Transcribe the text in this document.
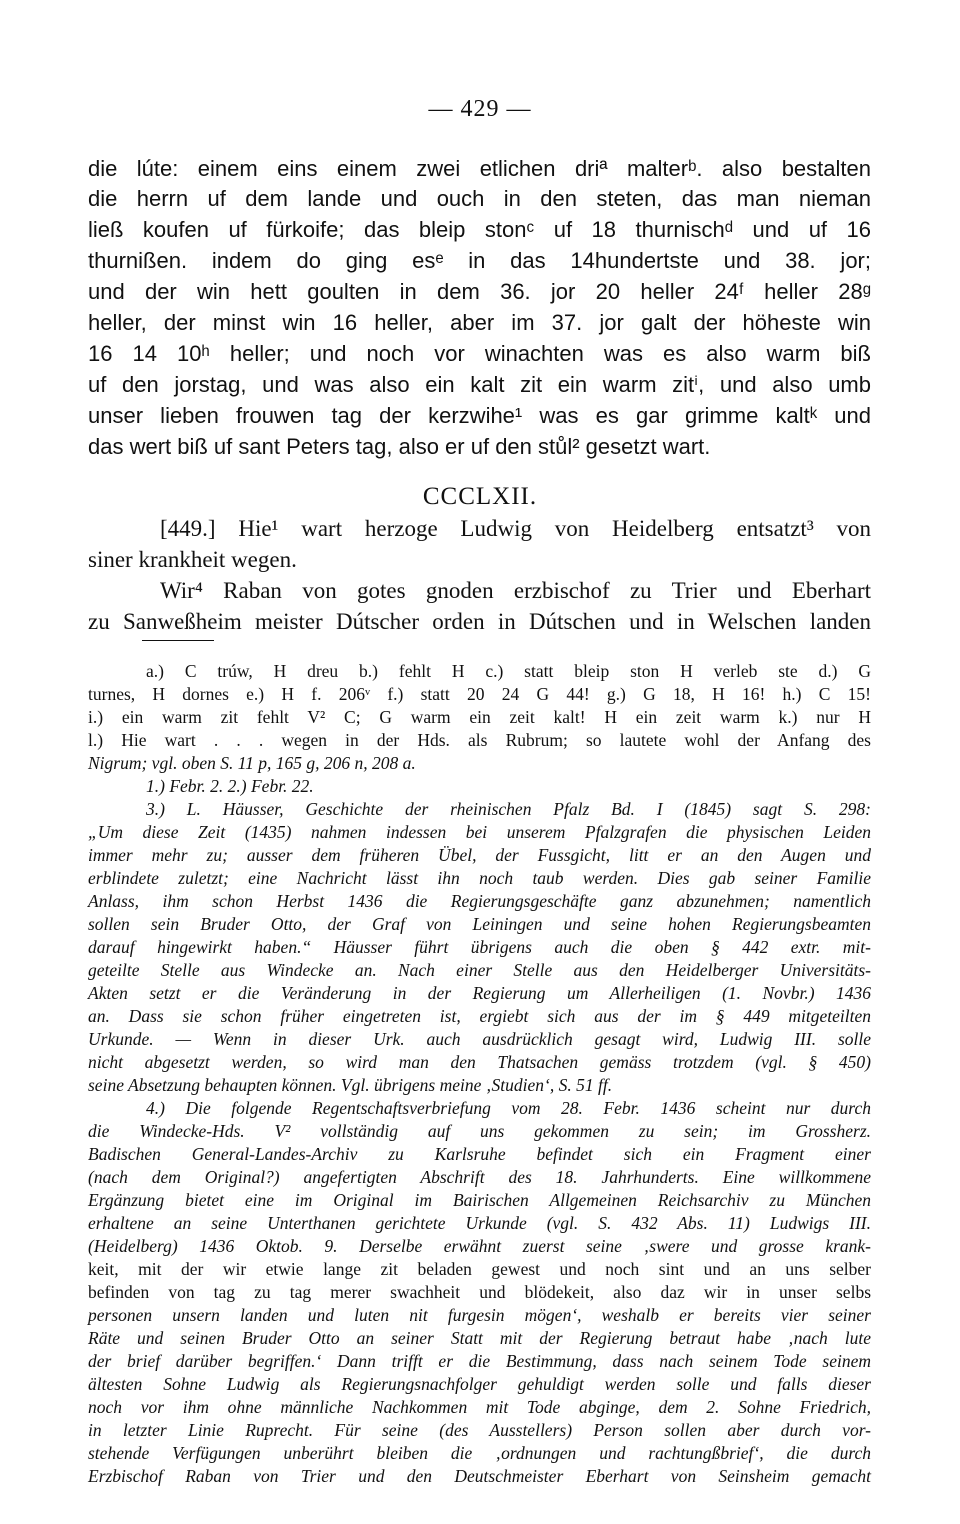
— 429 —
die lúte: einem eins einem zwei etlichen driª malterᵇ. also bestalten
die herrn uf dem lande und ouch in den steten, das man nieman
ließ koufen uf fürkoife; das bleip stonᶜ uf 18 thurnischᵈ und uf 16
thurnißen. indem do ging esᵉ in das 14hundertste und 38. jor;
und der win hett goulten in dem 36. jor 20 heller 24ᶠ heller 28ᵍ
heller, der minst win 16 heller, aber im 37. jor galt der höheste win
16 14 10ʰ heller; und noch vor winachten was es also warm biß
uf den jorstag, und was also ein kalt zit ein warm zitⁱ, und also umb
unser lieben frouwen tag der kerzwihe¹ was es gar grimme kaltᵏ und
das wert biß uf sant Peters tag, also er uf den stůl² gesetzt wart.
CCCLXII.
[449.] Hie¹ wart herzoge Ludwig von Heidelberg entsatzt³ von
siner krankheit wegen.
Wir⁴ Raban von gotes gnoden erzbischof zu Trier und Eberhart
zu Sanweßheim meister Dútscher orden in Dútschen und in Welschen landen
a.) C trúw, H dreu b.) fehlt H c.) statt bleip ston H verleb ste d.) G
turnes, H dornes e.) H f. 206ᵛ f.) statt 20 24 G 44! g.) G 18, H 16! h.) C 15!
i.) ein warm zit fehlt V² C; G warm ein zeit kalt! H ein zeit warm k.) nur H
l.) Hie wart . . . wegen in der Hds. als Rubrum; so lautete wohl der Anfang des
Nigrum; vgl. oben S. 11 p, 165 g, 206 n, 208 a.
1.) Febr. 2. 2.) Febr. 22.
3.) L. Häusser, Geschichte der rheinischen Pfalz Bd. I (1845) sagt S. 298:
„Um diese Zeit (1435) nahmen indessen bei unserem Pfalzgrafen die physischen Leiden
immer mehr zu; ausser dem früheren Übel, der Fussgicht, litt er an den Augen und
erblindete zuletzt; eine Nachricht lässt ihn noch taub werden. Dies gab seiner Familie
Anlass, ihm schon Herbst 1436 die Regierungsgeschäfte ganz abzunehmen; namentlich
sollen sein Bruder Otto, der Graf von Leiningen und seine hohen Regierungsbeamten
darauf hingewirkt haben.“ Häusser führt übrigens auch die oben § 442 extr. mit-
geteilte Stelle aus Windecke an. Nach einer Stelle aus den Heidelberger Universitäts-
Akten setzt er die Veränderung in der Regierung um Allerheiligen (1. Novbr.) 1436
an. Dass sie schon früher eingetreten ist, ergiebt sich aus der im § 449 mitgeteilten
Urkunde. — Wenn in dieser Urk. auch ausdrücklich gesagt wird, Ludwig III. solle
nicht abgesetzt werden, so wird man den Thatsachen gemäss trotzdem (vgl. § 450)
seine Absetzung behaupten können. Vgl. übrigens meine ‚Studien‘, S. 51 ff.
4.) Die folgende Regentschaftsverbriefung vom 28. Febr. 1436 scheint nur durch
die Windecke-Hds. V² vollständig auf uns gekommen zu sein; im Grossherz.
Badischen General-Landes-Archiv zu Karlsruhe befindet sich ein Fragment einer
(nach dem Original?) angefertigten Abschrift des 18. Jahrhunderts. Eine willkommene
Ergänzung bietet eine im Original im Bairischen Allgemeinen Reichsarchiv zu München
erhaltene an seine Unterthanen gerichtete Urkunde (vgl. S. 432 Abs. 11) Ludwigs III.
(Heidelberg) 1436 Oktob. 9. Derselbe erwähnt zuerst seine ‚swere und grosse krank-
keit, mit der wir etwie lange zit beladen gewest und noch sint und an uns selber
befinden von tag zu tag merer swachheit und blödekeit, also daz wir in unser selbs
personen unsern landen und luten nit furgesin mögen‘, weshalb er bereits vier seiner
Räte und seinen Bruder Otto an seiner Statt mit der Regierung betraut habe ‚nach lute
der brief darüber begriffen.‘ Dann trifft er die Bestimmung, dass nach seinem Tode seinem
ältesten Sohne Ludwig als Regierungsnachfolger gehuldigt werden solle und falls dieser
noch vor ihm ohne männliche Nachkommen mit Tode abginge, dem 2. Sohne Friedrich,
in letzter Linie Ruprecht. Für seine (des Ausstellers) Person sollen aber durch vor-
stehende Verfügungen unberührt bleiben die ‚ordnungen und rachtungßbrief‘, die durch
Erzbischof Raban von Trier und den Deutschmeister Eberhart von Seinsheim gemacht
